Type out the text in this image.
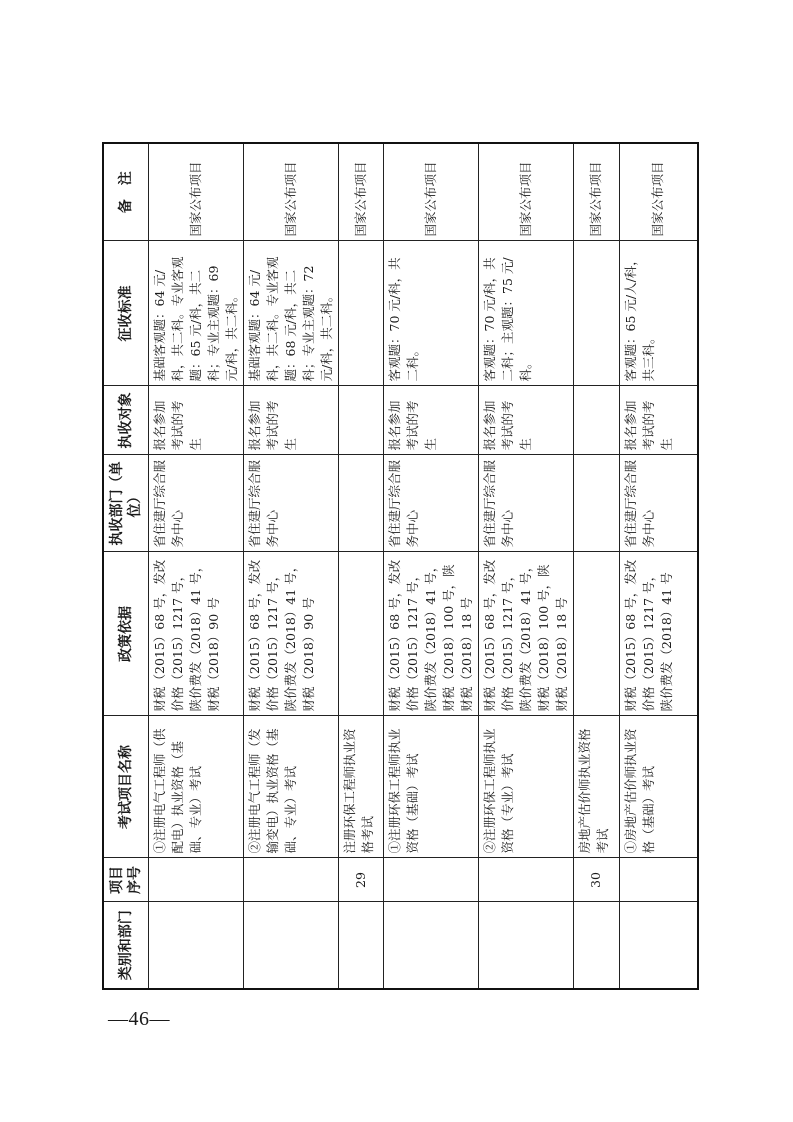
—46—
类别和部门	项目序号	考试项目名称	政策依据	执收部门（单位）	执收对象	征收标准	备　注
		①注册电气工程师（供配电）执业资格（基础、专业）考试	财税（2015）68 号，发改价格（2015）1217 号，陕价费发（2018）41 号，财税（2018）90 号	省住建厅综合服务中心	报名参加考试的考生	基础客观题：64 元/科，共二科。专业客观题：65 元/科，共二科；专业主观题：69 元/科，共二科。	国家公布项目
		②注册电气工程师（发输变电）执业资格（基础、专业）考试	财税（2015）68 号，发改价格（2015）1217 号，陕价费发（2018）41 号，财税（2018）90 号	省住建厅综合服务中心	报名参加考试的考生	基础客观题：64 元/科，共二科。专业客观题：68 元/科，共二科；专业主观题：72 元/科，共二科。	国家公布项目
	29	注册环保工程师执业资格考试					国家公布项目
		①注册环保工程师执业资格（基础）考试	财税（2015）68 号，发改价格（2015）1217 号，陕价费发（2018）41 号，财税（2018）100 号，陕财税（2018）18 号	省住建厅综合服务中心	报名参加考试的考生	客观题：70 元/科，共二科。	国家公布项目
		②注册环保工程师执业资格（专业）考试	财税（2015）68 号，发改价格（2015）1217 号，陕价费发（2018）41 号，财税（2018）100 号，陕财税（2018）18 号	省住建厅综合服务中心	报名参加考试的考生	客观题：70 元/科，共二科；主观题：75 元/科。	国家公布项目
	30	房地产估价师执业资格考试					国家公布项目
		①房地产估价师执业资格（基础）考试	财税（2015）68 号，发改价格（2015）1217 号，陕价费发（2018）41 号	省住建厅综合服务中心	报名参加考试的考生	客观题：65 元/人/科，共三科。	国家公布项目
